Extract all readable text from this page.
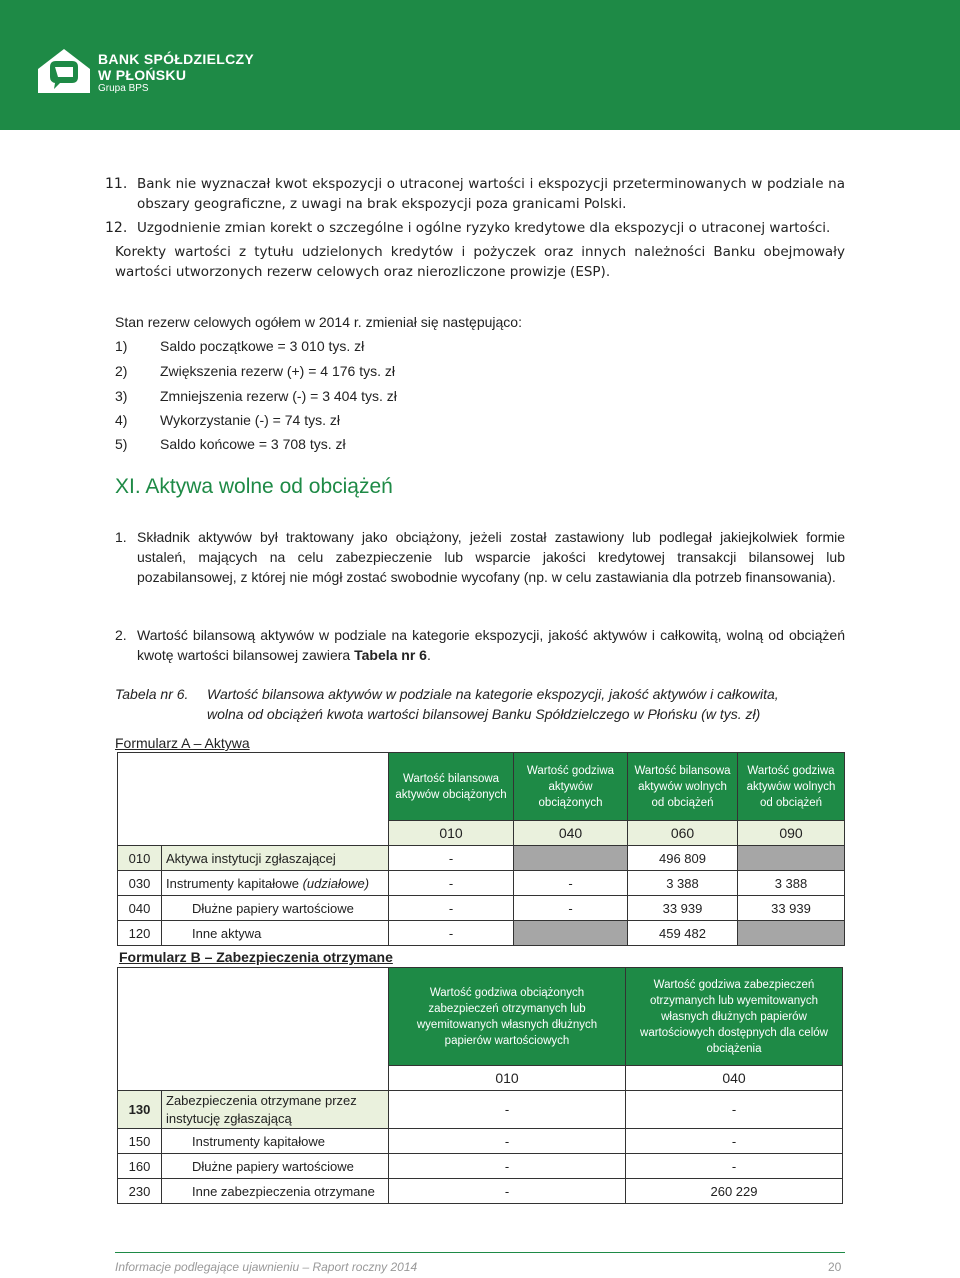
BANK SPÓŁDZIELCZY
W PŁOŃSKU
Grupa BPS
11. Bank nie wyznaczał kwot ekspozycji o utraconej wartości i ekspozycji przeterminowanych w podziale na obszary geograficzne, z uwagi na brak ekspozycji poza granicami Polski.
12. Uzgodnienie zmian korekt o szczególne i ogólne ryzyko kredytowe dla ekspozycji o utraconej wartości.
Korekty wartości z tytułu udzielonych kredytów i pożyczek oraz innych należności Banku obejmowały wartości utworzonych rezerw celowych oraz nierozliczone prowizje (ESP).
Stan rezerw celowych ogółem w 2014 r. zmieniał się następująco:
1) Saldo początkowe = 3 010 tys. zł
2) Zwiększenia rezerw (+) = 4 176 tys. zł
3) Zmniejszenia rezerw (-) = 3 404 tys. zł
4) Wykorzystanie (-) = 74 tys. zł
5) Saldo końcowe = 3 708 tys. zł
XI. Aktywa wolne od obciążeń
1. Składnik aktywów był traktowany jako obciążony, jeżeli został zastawiony lub podlegał jakiejkolwiek formie ustaleń, mających na celu zabezpieczenie lub wsparcie jakości kredytowej transakcji bilansowej lub pozabilansowej, z której nie mógł zostać swobodnie wycofany (np. w celu zastawiania dla potrzeb finansowania).
2. Wartość bilansową aktywów w podziale na kategorie ekspozycji, jakość aktywów i całkowitą, wolną od obciążeń kwotę wartości bilansowej zawiera Tabela nr 6.
Tabela nr 6. Wartość bilansowa aktywów w podziale na kategorie ekspozycji, jakość aktywów i całkowita,
wolna od obciążeń kwota wartości bilansowej Banku Spółdzielczego w Płońsku (w tys. zł)
Formularz A – Aktywa
		Wartość bilansowa aktywów obciążonych	Wartość godziwa aktywów obciążonych	Wartość bilansowa aktywów wolnych od obciążeń	Wartość godziwa aktywów wolnych od obciążeń
		010	040	060	090
010	Aktywa instytucji zgłaszającej	-		496 809	
030	Instrumenty kapitałowe (udziałowe)	-	-	3 388	3 388
040	Dłużne papiery wartościowe	-	-	33 939	33 939
120	Inne aktywa	-		459 482	
Formularz B – Zabezpieczenia otrzymane
		Wartość godziwa obciążonych zabezpieczeń otrzymanych lub wyemitowanych własnych dłużnych papierów wartościowych	Wartość godziwa zabezpieczeń otrzymanych lub wyemitowanych własnych dłużnych papierów wartościowych dostępnych dla celów obciążenia
		010	040
130	Zabezpieczenia otrzymane przez instytucję zgłaszającą	-	-
150	Instrumenty kapitałowe	-	-
160	Dłużne papiery wartościowe	-	-
230	Inne zabezpieczenia otrzymane	-	260 229
Informacje podlegające ujawnieniu – Raport roczny 2014	20
